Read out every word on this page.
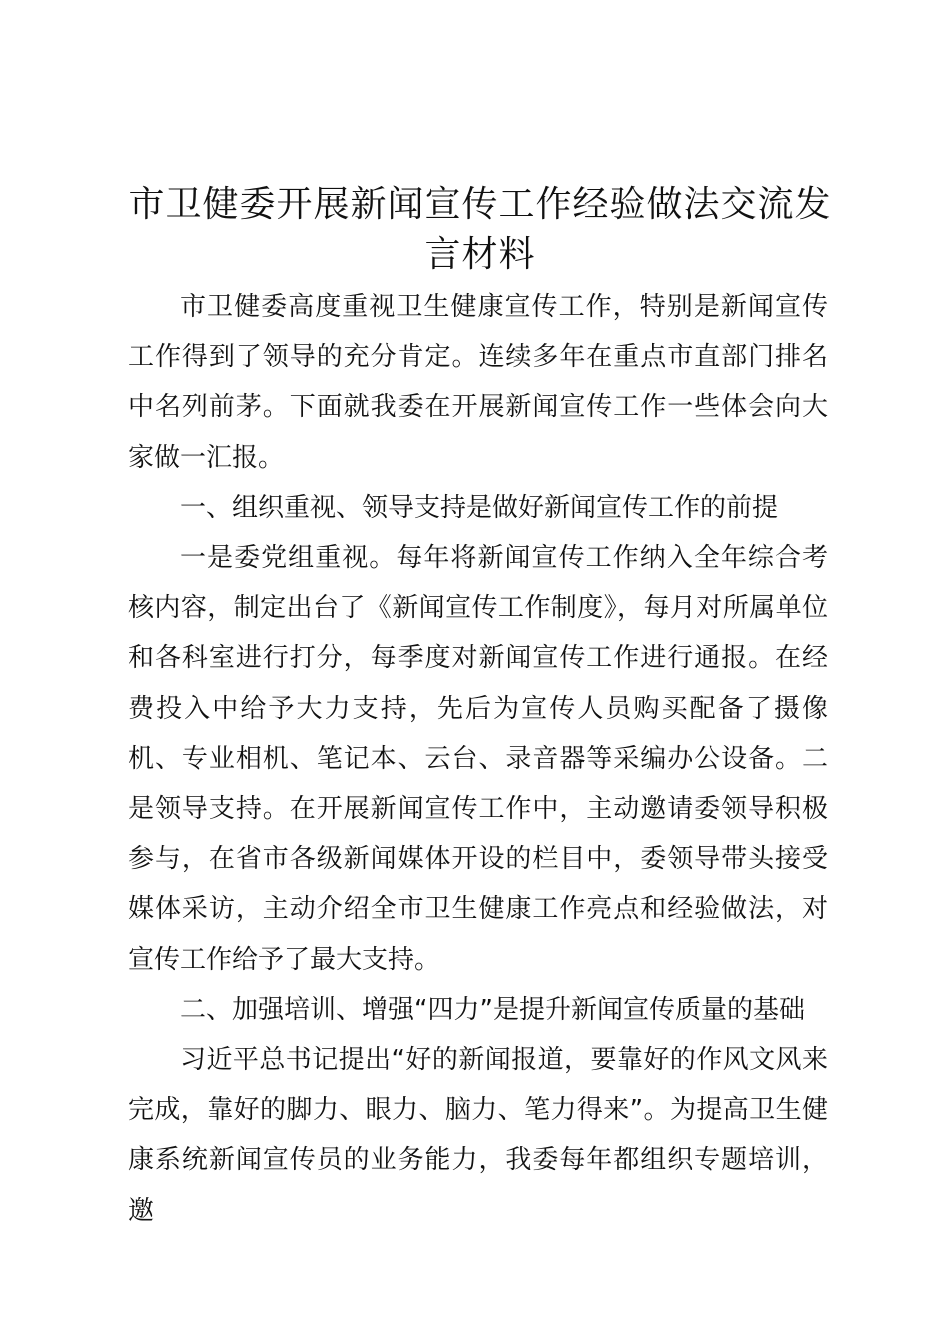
市卫健委开展新闻宣传工作经验做法交流发言材料

市卫健委高度重视卫生健康宣传工作，特别是新闻宣传工作得到了领导的充分肯定。连续多年在重点市直部门排名中名列前茅。下面就我委在开展新闻宣传工作一些体会向大家做一汇报。

一、组织重视、领导支持是做好新闻宣传工作的前提

一是委党组重视。每年将新闻宣传工作纳入全年综合考核内容，制定出台了《新闻宣传工作制度》，每月对所属单位和各科室进行打分，每季度对新闻宣传工作进行通报。在经费投入中给予大力支持，先后为宣传人员购买配备了摄像机、专业相机、笔记本、云台、录音器等采编办公设备。二是领导支持。在开展新闻宣传工作中，主动邀请委领导积极参与，在省市各级新闻媒体开设的栏目中，委领导带头接受媒体采访，主动介绍全市卫生健康工作亮点和经验做法，对宣传工作给予了最大支持。

二、加强培训、增强“四力”是提升新闻宣传质量的基础

习近平总书记提出“好的新闻报道，要靠好的作风文风来完成，靠好的脚力、眼力、脑力、笔力得来”。为提高卫生健康系统新闻宣传员的业务能力，我委每年都组织专题培训，邀
